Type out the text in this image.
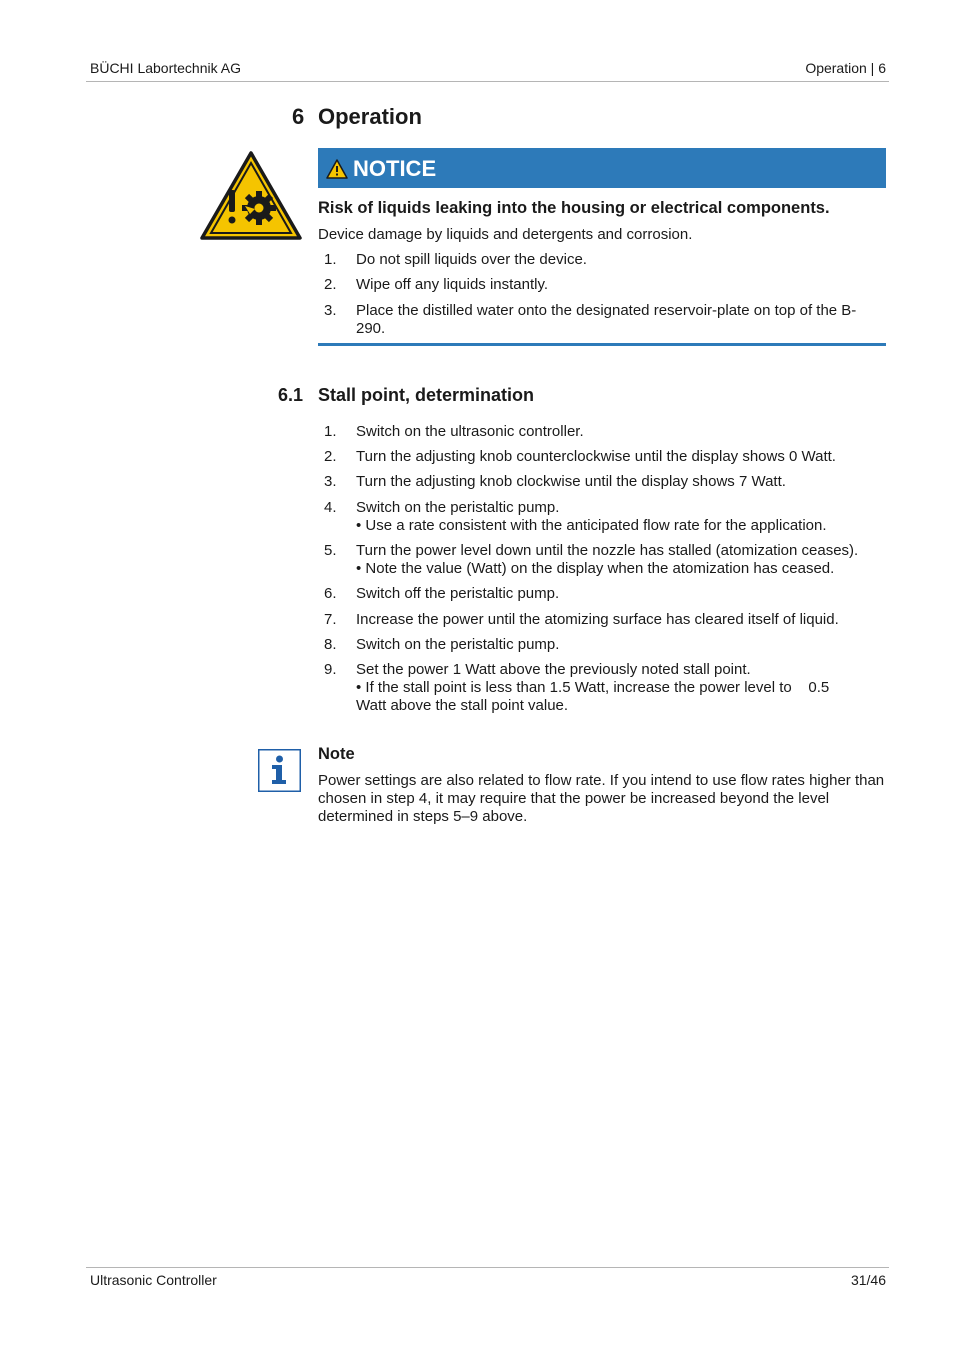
BÜCHI Labortechnik AG	Operation | 6
6 Operation
NOTICE
Risk of liquids leaking into the housing or electrical components.
Device damage by liquids and detergents and corrosion.
1. Do not spill liquids over the device.
2. Wipe off any liquids instantly.
3. Place the distilled water onto the designated reservoir-plate on top of the B-290.
6.1 Stall point, determination
1. Switch on the ultrasonic controller.
2. Turn the adjusting knob counterclockwise until the display shows 0 Watt.
3. Turn the adjusting knob clockwise until the display shows 7 Watt.
4. Switch on the peristaltic pump.
• Use a rate consistent with the anticipated flow rate for the application.
5. Turn the power level down until the nozzle has stalled (atomization ceases).
• Note the value (Watt) on the display when the atomization has ceased.
6. Switch off the peristaltic pump.
7. Increase the power until the atomizing surface has cleared itself of liquid.
8. Switch on the peristaltic pump.
9. Set the power 1 Watt above the previously noted stall point.
• If the stall point is less than 1.5 Watt, increase the power level to    0.5 Watt above the stall point value.
Note
Power settings are also related to flow rate. If you intend to use flow rates higher than chosen in step 4, it may require that the power be increased beyond the level determined in steps 5–9 above.
Ultrasonic Controller	31/46
